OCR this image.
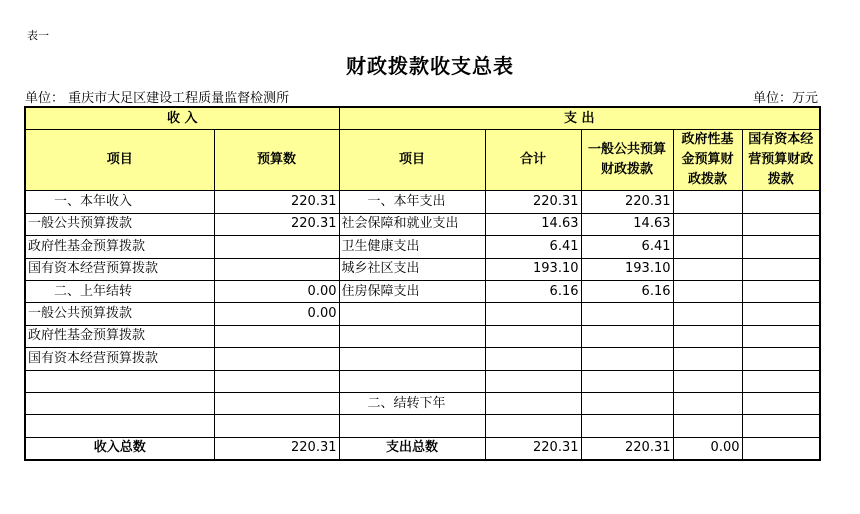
表一
财政拨款收支总表
单位： 重庆市大足区建设工程质量监督检测所	单位：万元
收 入		支 出				
项目	预算数	项目	合计	一般公共预算财政拨款	政府性基金预算财政拨款	国有资本经营预算财政拨款
一、本年收入	220.31	一、本年支出	220.31	220.31		
一般公共预算拨款	220.31	社会保障和就业支出	14.63	14.63		
政府性基金预算拨款		卫生健康支出	6.41	6.41		
国有资本经营预算拨款		城乡社区支出	193.10	193.10		
二、上年结转	0.00	住房保障支出	6.16	6.16		
一般公共预算拨款	0.00					
政府性基金预算拨款						
国有资本经营预算拨款						

		二、结转下年				

收入总数	220.31	支出总数	220.31	220.31	0.00	
